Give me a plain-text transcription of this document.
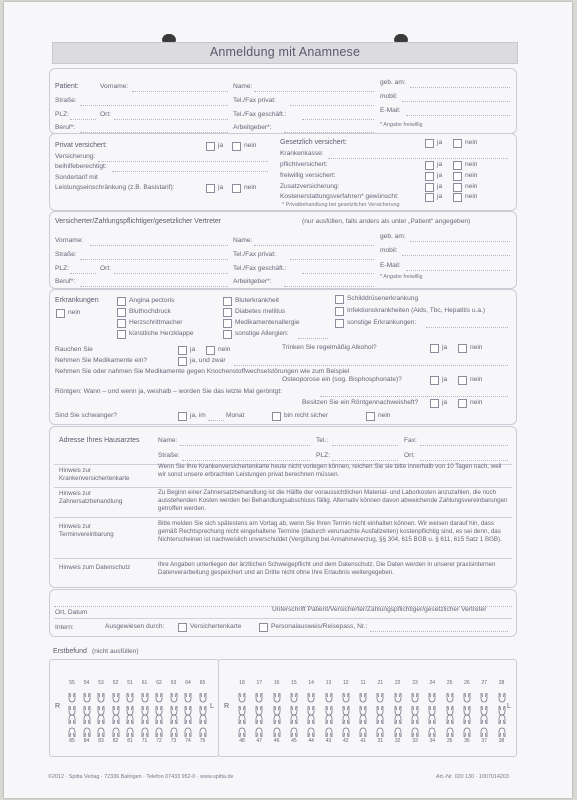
Anmeldung mit Anamnese
Patient:	Vorname:	Name:
geb. am:
Straße:	Tel./Fax privat:
mobil:
PLZ:	Ort:	Tel./Fax geschäft.:
E-Mail:
Beruf*:	Arbeitgeber*:	* Angabe freiwillig
Privat versichert:	ja	nein
Versicherung:
beihilfeberechtigt:
Sondertarif mit
Leistungseinschränkung (z.B. Basistarif):	ja	nein
Gesetzlich versichert:	ja	nein
Krankenkasse:
pflichtversichert:	ja	nein
freiwillig versichert:	ja	nein
Zusatzversicherung:	ja	nein
Kostenerstattungsverfahren* gewünscht:	ja	nein
* Privatbehandlung bei gesetzlicher Versicherung
Versicherter/Zahlungspflichtiger/gesetzlicher Vertreter	(nur ausfüllen, falls anders als unter „Patient“ angegeben)
Vorname:	Name:
geb. am:
Straße:	Tel./Fax privat:
mobil:
PLZ:	Ort:	Tel./Fax geschäft.:	E-Mail:
Beruf*:	Arbeitgeber*:
* Angabe freiwillig
Erkrankungen
nein
Angina pectoris
Bluthochdruck
Herzschrittmacher
künstliche Herzklappe
Bluterkrankheit
Diabetes mellitus
Medikamentenallergie
sonstige Allergien:
Schilddrüsenerkrankung
Infektionskrankheiten (Aids, Tbc, Hepatitis u.a.)
sonstige Erkrankungen:
Rauchen Sie	ja	nein	Trinken Sie regelmäßig Alkohol?	ja	nein
Nehmen Sie Medikamente ein?	ja, und zwar
Nehmen Sie oder nahmen Sie Medikamente gegen Knochenstoffwechselstörungen wie zum Beispiel
Osteoporose ein (sog. Bisphosphonate)?	ja	nein
Röntgen: Wann – und wenn ja, weshalb – worden Sie das letzte Mal geröntgt:
Besitzen Sie ein Röntgennachweisheft?	ja	nein
Sind Sie schwanger?	ja, im	Monat	bin nicht sicher	nein
Adresse Ihres Hausarztes	Name:	Tel.:	Fax:
Straße:	PLZ:	Ort:
Hinweis zur Krankenversichertenkarte
Wenn Sie Ihre Krankenversichertenkarte heute nicht vorlegen können, reichen Sie sie bitte innerhalb von 10 Tagen nach, weil wir sonst unsere erbrachten Leistungen privat berechnen müssen.
Hinweis zur Zahnersatzbehandlung
Zu Beginn einer Zahnersatzbehandlung ist die Hälfte der voraussichtlichen Material- und Laborkosten anzuzahlen, die noch ausstehenden Kosten werden bei Behandlungsabschluss fällig. Alternativ können davon abweichende Zahlungsvereinbarungen getroffen werden.
Hinweis zur Terminvereinbarung
Bitte melden Sie sich spätestens am Vortag ab, wenn Sie Ihren Termin nicht einhalten können. Wir weisen darauf hin, dass gemäß Rechtsprechung nicht eingehaltene Termine (dadurch verursachte Ausfallzeiten) kostenpflichtig sind, es sei denn, das Nichterscheinen ist nachweislich unverschuldet (Vergütung bei Annahmeverzug, §§ 304, 615 BGB u. § 611, 615 Satz 1 BGB).
Hinweis zum Datenschutz	Ihre Angaben unterliegen der ärztlichen Schweigepflicht und dem Datenschutz. Die Daten werden in unserer praxisinternen Datenverarbeitung gespeichert und an Dritte nicht ohne Ihre Erlaubnis weitergegeben.
Ort, Datum	Unterschrift Patient/Versicherter/Zahlungspflichtiger/gesetzlicher Vertreter
Intern:	Ausgewiesen durch:	Versichertenkarte	Personalausweis/Reisepass, Nr.:
Erstbefund (nicht ausfüllen)
R	L R	L
55	54	53	52	51	61	62	63	64	65
85	84	83	82	81	71	72	73	74	75
18	17	16	15	14	13	12	11	21	22	23	24	25	26	27	28
48	47	46	45	44	43	42	41	31	32	33	34	35	36	37	38
©2012 · Spitta Verlag · 72336 Balingen · Telefon 07433 952-0 · www.spitta.de	Art.-Nr. 020 130 · 1007014203
